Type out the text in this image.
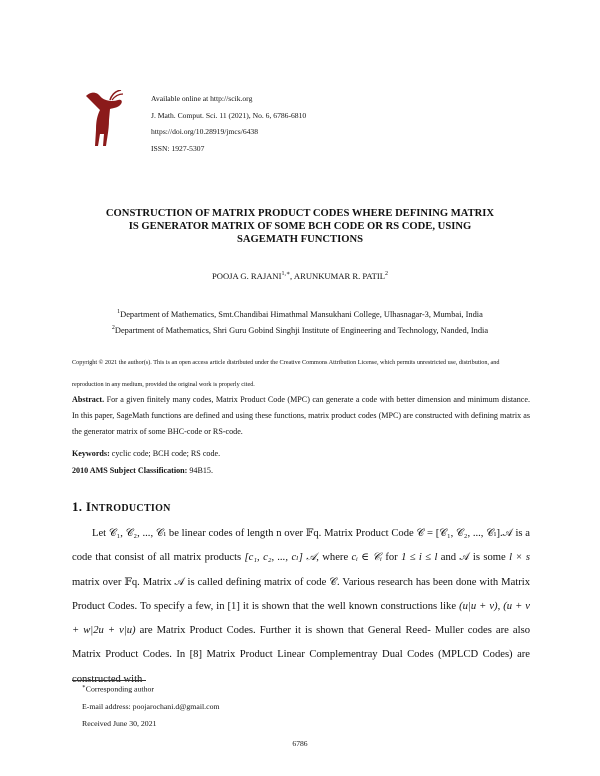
Available online at http://scik.org
J. Math. Comput. Sci. 11 (2021), No. 6, 6786-6810
https://doi.org/10.28919/jmcs/6438
ISSN: 1927-5307
CONSTRUCTION OF MATRIX PRODUCT CODES WHERE DEFINING MATRIX
IS GENERATOR MATRIX OF SOME BCH CODE OR RS CODE, USING
SAGEMATH FUNCTIONS
POOJA G. $RAJANI^{1,∗}$, ARUNKUMAR R. PATIL$^2$
$^1$Department of Mathematics, Smt.Chandibai Himathmal Mansukhani College, Ulhasnagar-3, Mumbai, India
$^2$Department of Mathematics, Shri Guru Gobind Singhji Institute of Engineering and Technology, Nanded, India
Copyright © 2021 the author(s). This is an open access article distributed under the Creative Commons Attribution License, which permits unrestricted use, distribution, and reproduction in any medium, provided the original work is properly cited.
Abstract. For a given finitely many codes, Matrix Product Code (MPC) can generate a code with better dimension and minimum distance. In this paper, SageMath functions are defined and using these functions, matrix product codes (MPC) are constructed with defining matrix as the generator matrix of some BHC-code or RS-code.
Keywords: cyclic code; BCH code; RS code.
2010 AMS Subject Classification: 94B15.
1. INTRODUCTION

Let 𝒞₁, 𝒞₂, ..., 𝒞ₗ be linear codes of length n over 𝔽q. Matrix Product Code 𝒞 = [𝒞₁, 𝒞₂, ..., 𝒞ₗ].𝒜 is a code that consist of all matrix products [c₁, c₂, ..., cₗ] 𝒜, where cᵢ ∈ 𝒞ᵢ for 1 ≤ i ≤ l and 𝒜 is some l × s matrix over 𝔽q. Matrix 𝒜 is called defining matrix of code 𝒞. Various research has been done with Matrix Product Codes. To specify a few, in [1] it is shown that the well known constructions like (u|u + v), (u + v + w|2u + v|u) are Matrix Product Codes. Further it is shown that General Reed- Muller codes are also Matrix Product Codes. In [8] Matrix Product Linear Complementray Dual Codes (MPLCD Codes) are constructed with

∗Corresponding author
E-mail address: poojarochani.d@gmail.com
Received June 30, 2021
6786
